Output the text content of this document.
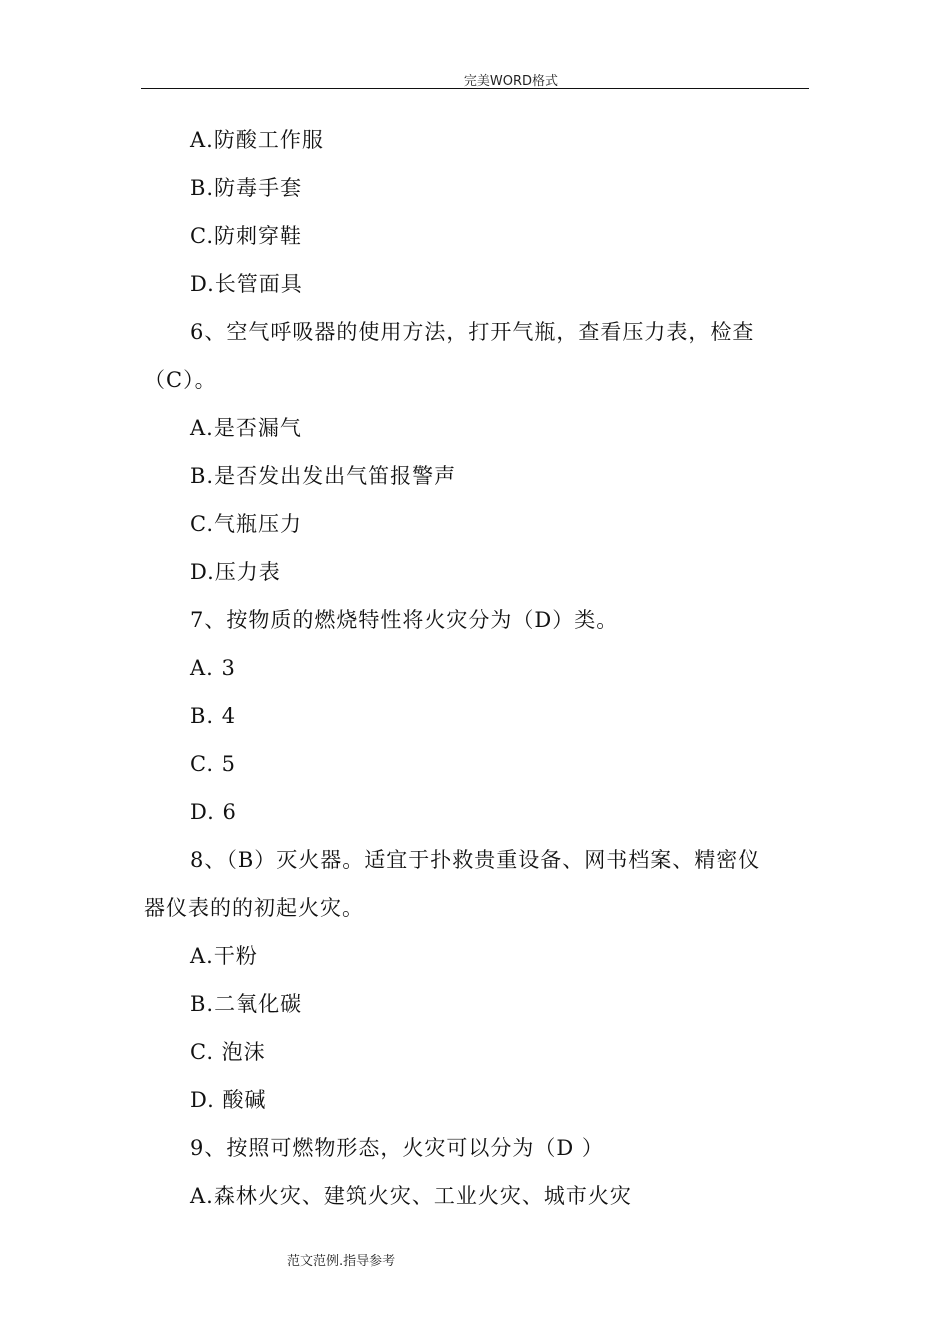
完美WORD格式
A.防酸工作服
B.防毒手套
C.防刺穿鞋
D.长管面具
6、空气呼吸器的使用方法，打开气瓶，查看压力表，检查
（C）。
A.是否漏气
B.是否发出发出气笛报警声
C.气瓶压力
D.压力表
7、按物质的燃烧特性将火灾分为（D）类。
A. 3
B. 4
C. 5
D. 6
8、（B）灭火器。适宜于扑救贵重设备、网书档案、精密仪
器仪表的的初起火灾。
A.干粉
B.二氧化碳
C. 泡沫
D. 酸碱
9、按照可燃物形态，火灾可以分为（D ）
A.森林火灾、建筑火灾、工业火灾、城市火灾
范文范例.指导参考
